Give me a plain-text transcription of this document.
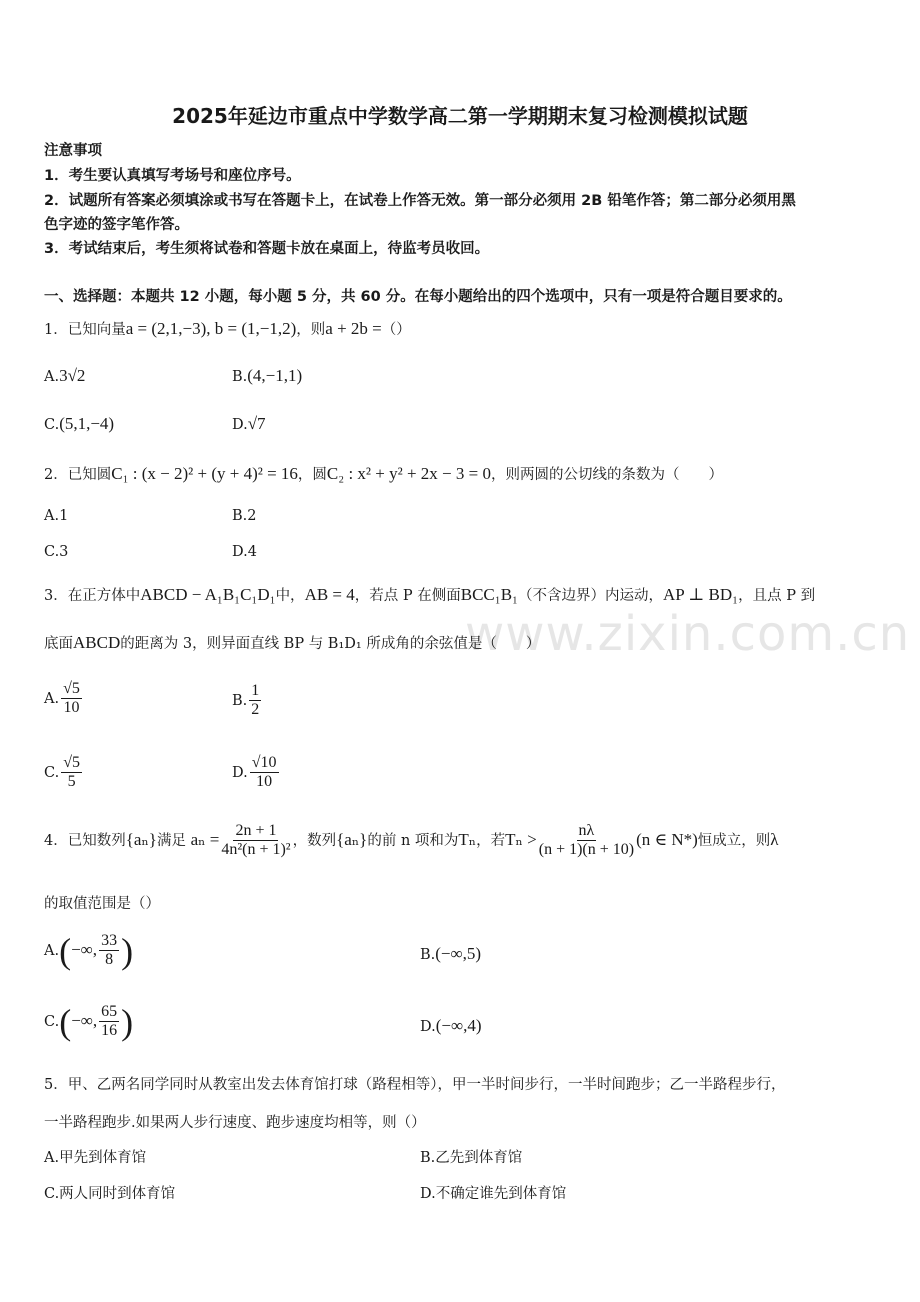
www.zixin.com.cn
2025年延边市重点中学数学高二第一学期期末复习检测模拟试题
注意事项
1．考生要认真填写考场号和座位序号。
2．试题所有答案必须填涂或书写在答题卡上，在试卷上作答无效。第一部分必须用 2B 铅笔作答；第二部分必须用黑
色字迹的签字笔作答。
3．考试结束后，考生须将试卷和答题卡放在桌面上，待监考员收回。
一、选择题：本题共 12 小题，每小题 5 分，共 60 分。在每小题给出的四个选项中，只有一项是符合题目要求的。
1．已知向量a = (2,1,−3), b = (1,−1,2)，则a + 2b =（）
A.3√2	B.(4,−1,1)
C.(5,1,−4)	D.√7
2．已知圆C₁ : (x − 2)² + (y + 4)² = 16，圆C₂ : x² + y² + 2x − 3 = 0，则两圆的公切线的条数为（　　）
A.1	B.2
C.3	D.4
3．在正方体中ABCD − A₁B₁C₁D₁中，AB = 4，若点 P 在侧面BCC₁B₁（不含边界）内运动，AP ⊥ BD₁，且点 P 到
底面ABCD的距离为 3，则异面直线 BP 与 B₁D₁ 所成角的余弦值是（　　）
A. $\frac{√5}{10}$	B. $\frac{1}{2}$
C. $\frac{√5}{5}$	D. $\frac{√10}{10}$
4．已知数列{aₙ}满足 $a_n = \frac{2n + 1}{\text{4n²(n + 1)²}}$ ，数列{aₙ}的前 n 项和为Tₙ，若$T_n > \frac{n\lambda}{(n + 1)(n + 10)} (n$ ∈ N*)恒成立，则λ
的取值范围是（）
A.(−∞, $\frac{33}{8}$ )	B.(−∞,5)
C.(−∞, $\frac{65}{16}$ )	D.(−∞,4)
5．甲、乙两名同学同时从教室出发去体育馆打球（路程相等），甲一半时间步行，一半时间跑步；乙一半路程步行，
一半路程跑步.如果两人步行速度、跑步速度均相等，则（）
A.甲先到体育馆	B.乙先到体育馆
C.两人同时到体育馆	D.不确定谁先到体育馆
